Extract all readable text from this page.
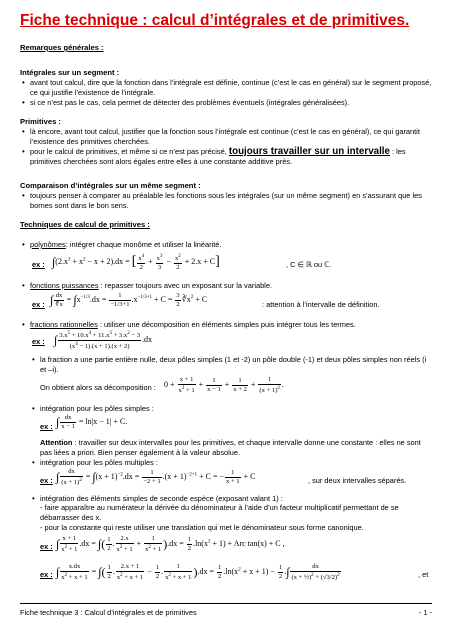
Fiche technique : calcul d’intégrales et de primitives.
Remarques générales :
Intégrales sur un segment :
• avant tout calcul, dire que la fonction dans l’intégrale est définie, continue (c’est le cas en général) sur le segment proposé, ce qui justifie l’existence de l’intégrale.
• si ce n’est pas le cas, cela permet de détecter des problèmes éventuels (intégrales généralisées).
Primitives :
• là encore, avant tout calcul, justifier que la fonction sous l’intégrale est continue (c’est le cas en général), ce qui garantit l’existence des primitives cherchées.
• pour le calcul de primitives, et même si ce n’est pas précisé, toujours travailler sur un intervalle : les primitives cherchées sont alors égales entre elles à une constante additive près.
Comparaison d’intégrales sur un même segment :
• toujours penser à comparer au préalable les fonctions sous les intégrales (sur un même segment) en s’assurant que les bornes sont dans le bon sens.
Techniques de calcul de primitives :
• polynômes: intégrer chaque monôme et utiliser la linéarité.
ex : $\int(2.x^3 + x^2 - x + 2).dx$ = [ $\frac{x^4}{2} + \frac{x^3}{3} - \frac{x^2}{2} + 2.x + C$]	, C ∈ ℝ ou ℂ.
• fonctions puissances : repasser toujours avec un exposant sur la variable.
ex : ∫ $\frac{dx}{∛x} = \int x^{-1/3}.dx = \frac{1}{-1/3+1} .x^{-1/3+1} + C = \frac{3}{2}$ $∛x^2 + C$
: attention à l’intervalle de définition.
• fractions rationnelles : utiliser une décomposition en éléments simples puis intégrer tous les termes.
ex : ∫ $\frac{3.x^5 + 10.x^4 + 11.x^3 + 3.x^2 - 3}{(x^4 - 1).(x + 1).(x + 2)} .dx$
• la fraction a une partie entière nulle, deux pôles simples (1 et -2) un pôle double (-1) et deux pôles simples non réels (i et –i).
On obtient alors sa décomposition : $0 + \frac{x + 1}{x^2 + 1} + \frac{1}{x - 1} + \frac{1}{x + 2} + \frac{1}{(x + 1)^2}$ .
• intégration pour les pôles simples :
ex : ∫ $\frac{dx}{x - 1} = \ln|x - 1| + C$.
Attention : travailler sur deux intervalles pour les primitives, et chaque intervalle donne une constante : elles ne sont pas liées a priori. Bien penser également à la valeur absolue.
• intégration pour les pôles multiples :
ex : ∫ $\frac{dx}{(x + 1)^2} = \int(x + 1)^{-2}.dx = \frac{1}{-2 + 1} .(x + 1)^{-2+1} + C$ = − $\frac{1}{x + 1} + C$	, sur deux intervalles séparés.
• intégration des éléments simples de seconde espèce (exposant valant 1) :
- faire apparaître au numérateur la dérivée du dénominateur à l’aide d’un facteur multiplicatif permettant de se débarrasser des x.
- pour la constante qui reste utiliser une translation qui met le dénominateur sous forme canonique.
ex : ∫ $\frac{x + 1}{x^2 + 1} .dx$ = ∫( $\frac{1}{2}$ . $\frac{2.x}{x^2 + 1} + \frac{1}{x^2 + 1} ).dx = \frac{1}{2} .\ln(x^2 + 1)$ + Arc tan(x) + C ,
ex : ∫ $\frac{x.dx}{x^2 + x + 1}$ = ∫( $\frac{1}{2}$ . $\frac{2.x + 1}{x^2 + x + 1} - \frac{1}{2}$ . $\frac{1}{x^2 + x + 1} ).dx = \frac{1}{2} .\ln(x^2 + x + 1) - \frac{1}{2}$ .∫ $\frac{dx}{(x + \frac{1}{2})^2 + (√3/2)^2}$	, et
Fiche technique 3 : Calcul d’intégrales et de primitives	- 1 -
